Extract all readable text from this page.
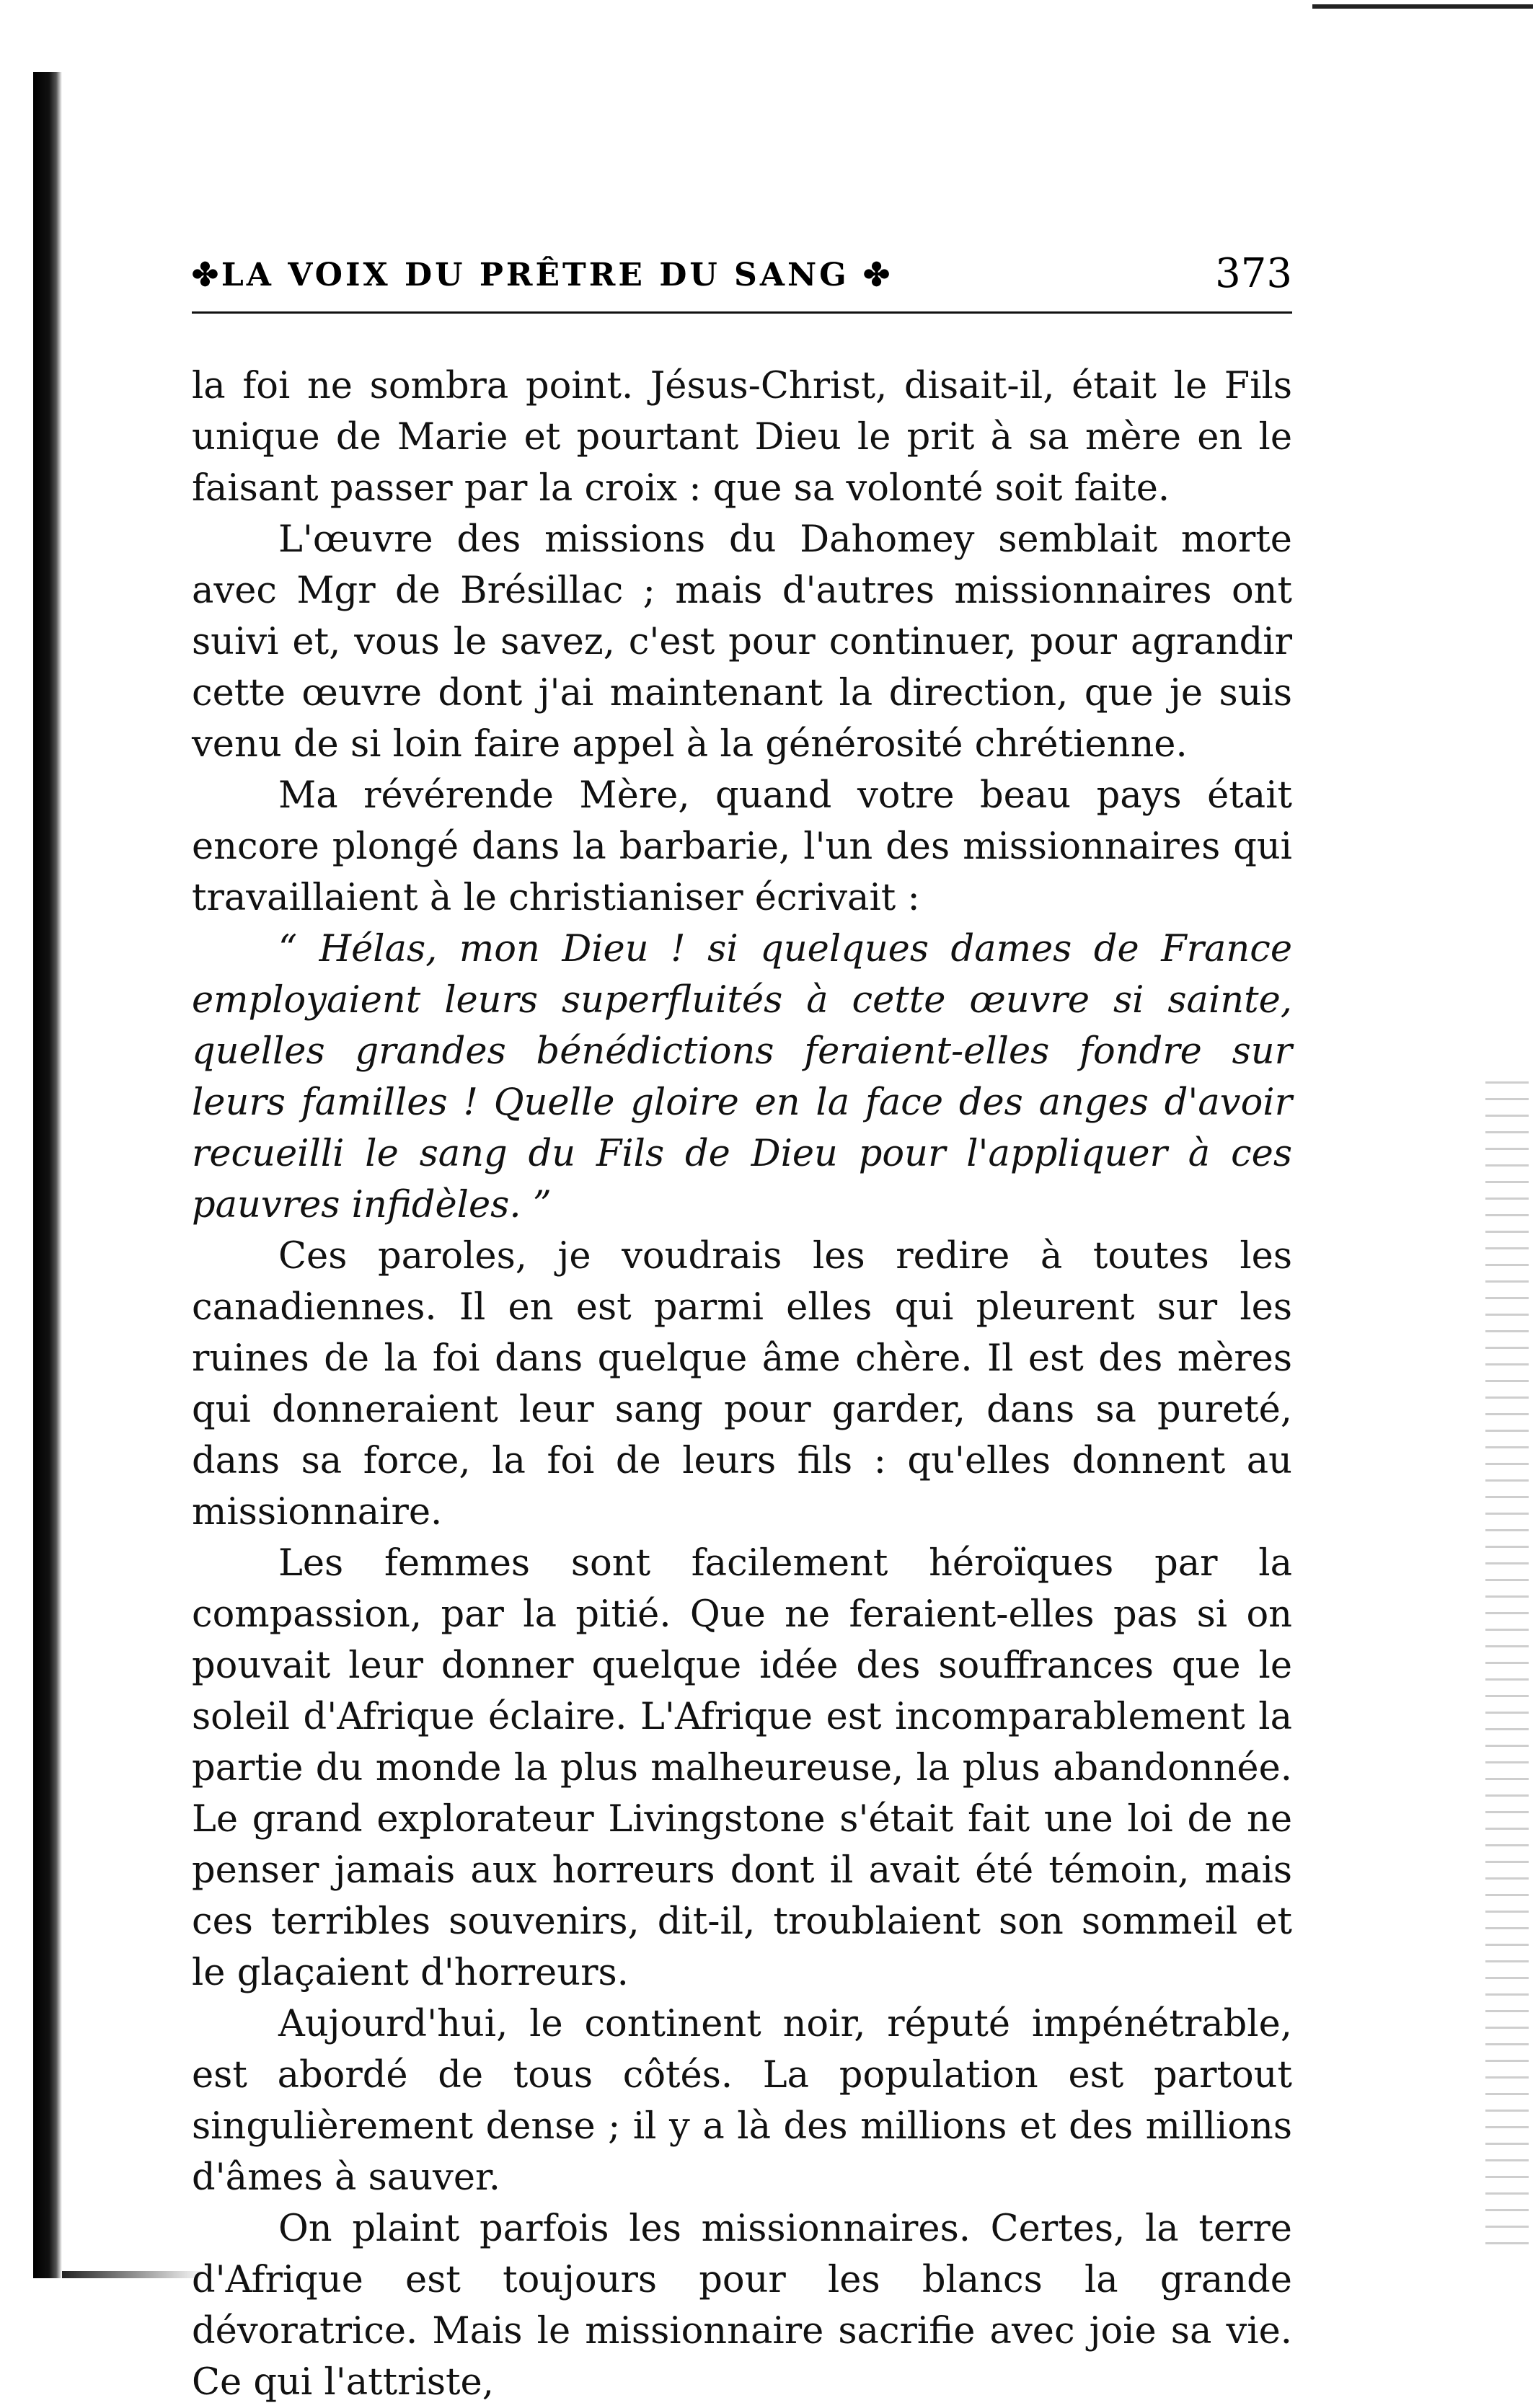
✤LA VOIX DU PRÊTRE DU SANG ✤	373

la foi ne sombra point. Jésus-Christ, disait-il, était le Fils unique de Marie et pourtant Dieu le prit à sa mère en le faisant passer par la croix : que sa volonté soit faite.

L'œuvre des missions du Dahomey semblait morte avec Mgr de Brésillac ; mais d'autres missionnaires ont suivi et, vous le savez, c'est pour continuer, pour agrandir cette œuvre dont j'ai maintenant la direction, que je suis venu de si loin faire appel à la générosité chrétienne.

Ma révérende Mère, quand votre beau pays était encore plongé dans la barbarie, l'un des missionnaires qui travaillaient à le christianiser écrivait :

“ Hélas, mon Dieu ! si quelques dames de France employaient leurs superfluités à cette œuvre si sainte, quelles grandes bénédictions feraient-elles fondre sur leurs familles ! Quelle gloire en la face des anges d'avoir recueilli le sang du Fils de Dieu pour l'appliquer à ces pauvres infidèles. ”

Ces paroles, je voudrais les redire à toutes les canadiennes. Il en est parmi elles qui pleurent sur les ruines de la foi dans quelque âme chère. Il est des mères qui donneraient leur sang pour garder, dans sa pureté, dans sa force, la foi de leurs fils : qu'elles donnent au missionnaire.

Les femmes sont facilement héroïques par la compassion, par la pitié. Que ne feraient-elles pas si on pouvait leur donner quelque idée des souffrances que le soleil d'Afrique éclaire. L'Afrique est incomparablement la partie du monde la plus malheureuse, la plus abandonnée. Le grand explorateur Livingstone s'était fait une loi de ne penser jamais aux horreurs dont il avait été témoin, mais ces terribles souvenirs, dit-il, troublaient son sommeil et le glaçaient d'horreurs.

Aujourd'hui, le continent noir, réputé impénétrable, est abordé de tous côtés. La population est partout singulièrement dense ; il y a là des millions et des millions d'âmes à sauver.

On plaint parfois les missionnaires. Certes, la terre d'Afrique est toujours pour les blancs la grande dévoratrice. Mais le missionnaire sacrifie avec joie sa vie. Ce qui l'attriste,
